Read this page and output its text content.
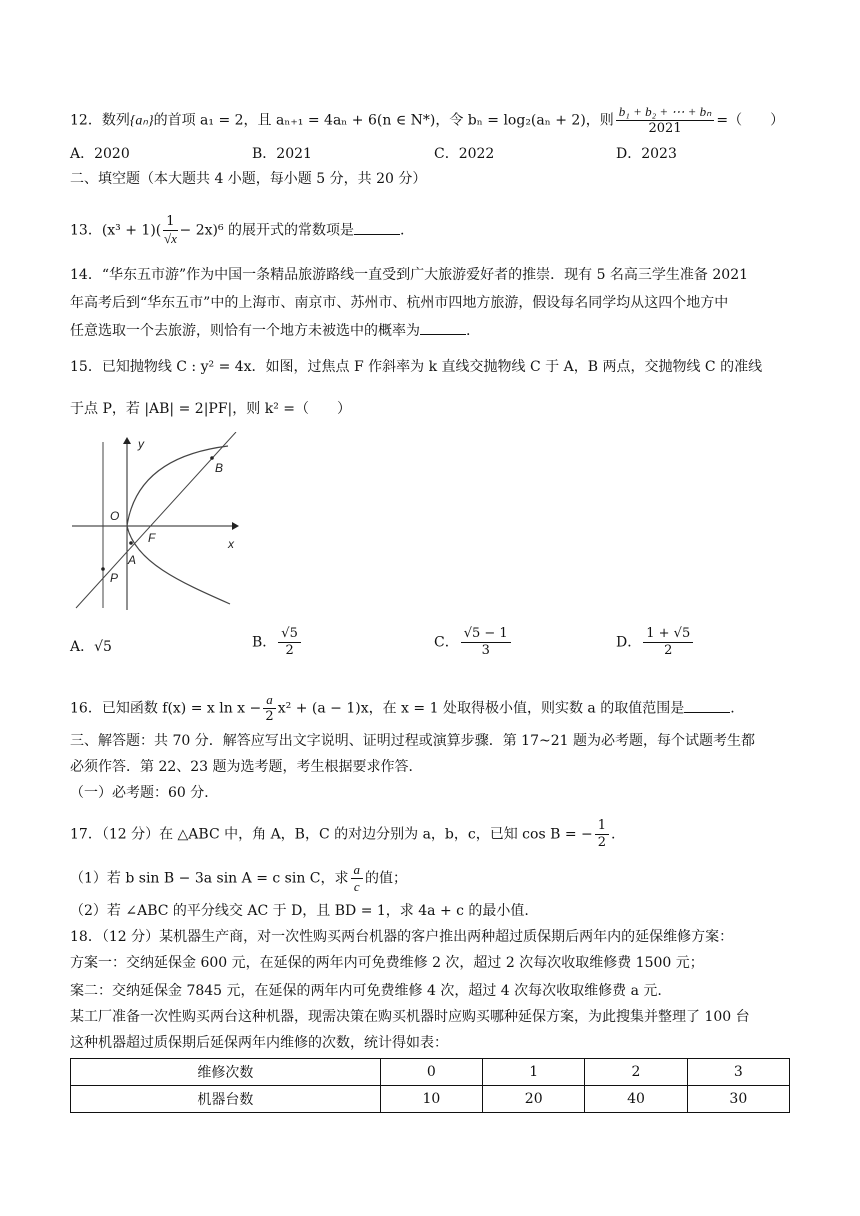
12．数列{aₙ}的首项 a₁ = 2，且 aₙ₊₁ = 4aₙ + 6(n ∈ N*)，令 bₙ = log₂(aₙ + 2)，则 $\frac{\text{b₁ + b₂ + ⋯ + bₙ}}{2021}$ =（　　）
A．2020	B．2021	C．2022	D．2023
二、填空题（本大题共 4 小题，每小题 5 分，共 20 分）
13．$(x^3 + 1)( \frac{1}{√x} - 2x)^6$ 的展开式的常数项是	.
14．“华东五市游”作为中国一条精品旅游路线一直受到广大旅游爱好者的推崇．现有 5 名高三学生准备 2021
年高考后到“华东五市”中的上海市、南京市、苏州市、杭州市四地方旅游，假设每名同学均从这四个地方中
任意选取一个去旅游，则恰有一个地方未被选中的概率为	.
15．已知抛物线 C : y² = 4x．如图，过焦点 F 作斜率为 k 直线交抛物线 C 于 A，B 两点，交抛物线 C 的准线
于点 P，若 |AB| = 2|PF|，则 k² =（　　）
y
x
O
F
A
B
P
A．√5	B． $\frac{√5}{2}$	C． $\frac{√5 - 1}{3}$	D． $\frac{1 + √5}{2}$
16．已知函数 f(x) = x $\ln x - \frac{a}{2} x^2 + (a - 1)x$，在 x = 1 处取得极小值，则实数 a 的取值范围是	.
三、解答题：共 70 分．解答应写出文字说明、证明过程或演算步骤．第 17~21 题为必考题，每个试题考生都
必须作答．第 22、23 题为选考题，考生根据要求作答．
（一）必考题：60 分．
17．（12 分）在 △ABC 中，角 A，B，C 的对边分别为 a，b，c，已知 cos B = − $\frac{1}{2}$ .
（1）若 b sin B − 3a sin A = c sin C，求 $\frac{a}{c}$ 的值；
（2）若 ∠ABC 的平分线交 AC 于 D，且 BD = 1，求 4a + c 的最小值.
18．（12 分）某机器生产商，对一次性购买两台机器的客户推出两种超过质保期后两年内的延保维修方案：
方案一：交纳延保金 600 元，在延保的两年内可免费维修 2 次，超过 2 次每次收取维修费 1500 元；
案二：交纳延保金 7845 元，在延保的两年内可免费维修 4 次，超过 4 次每次收取维修费 a 元.
某工厂准备一次性购买两台这种机器，现需决策在购买机器时应购买哪种延保方案，为此搜集并整理了 100 台
这种机器超过质保期后延保两年内维修的次数，统计得如表：
维修次数	0	1	2	3
机器台数	10	20	40	30
